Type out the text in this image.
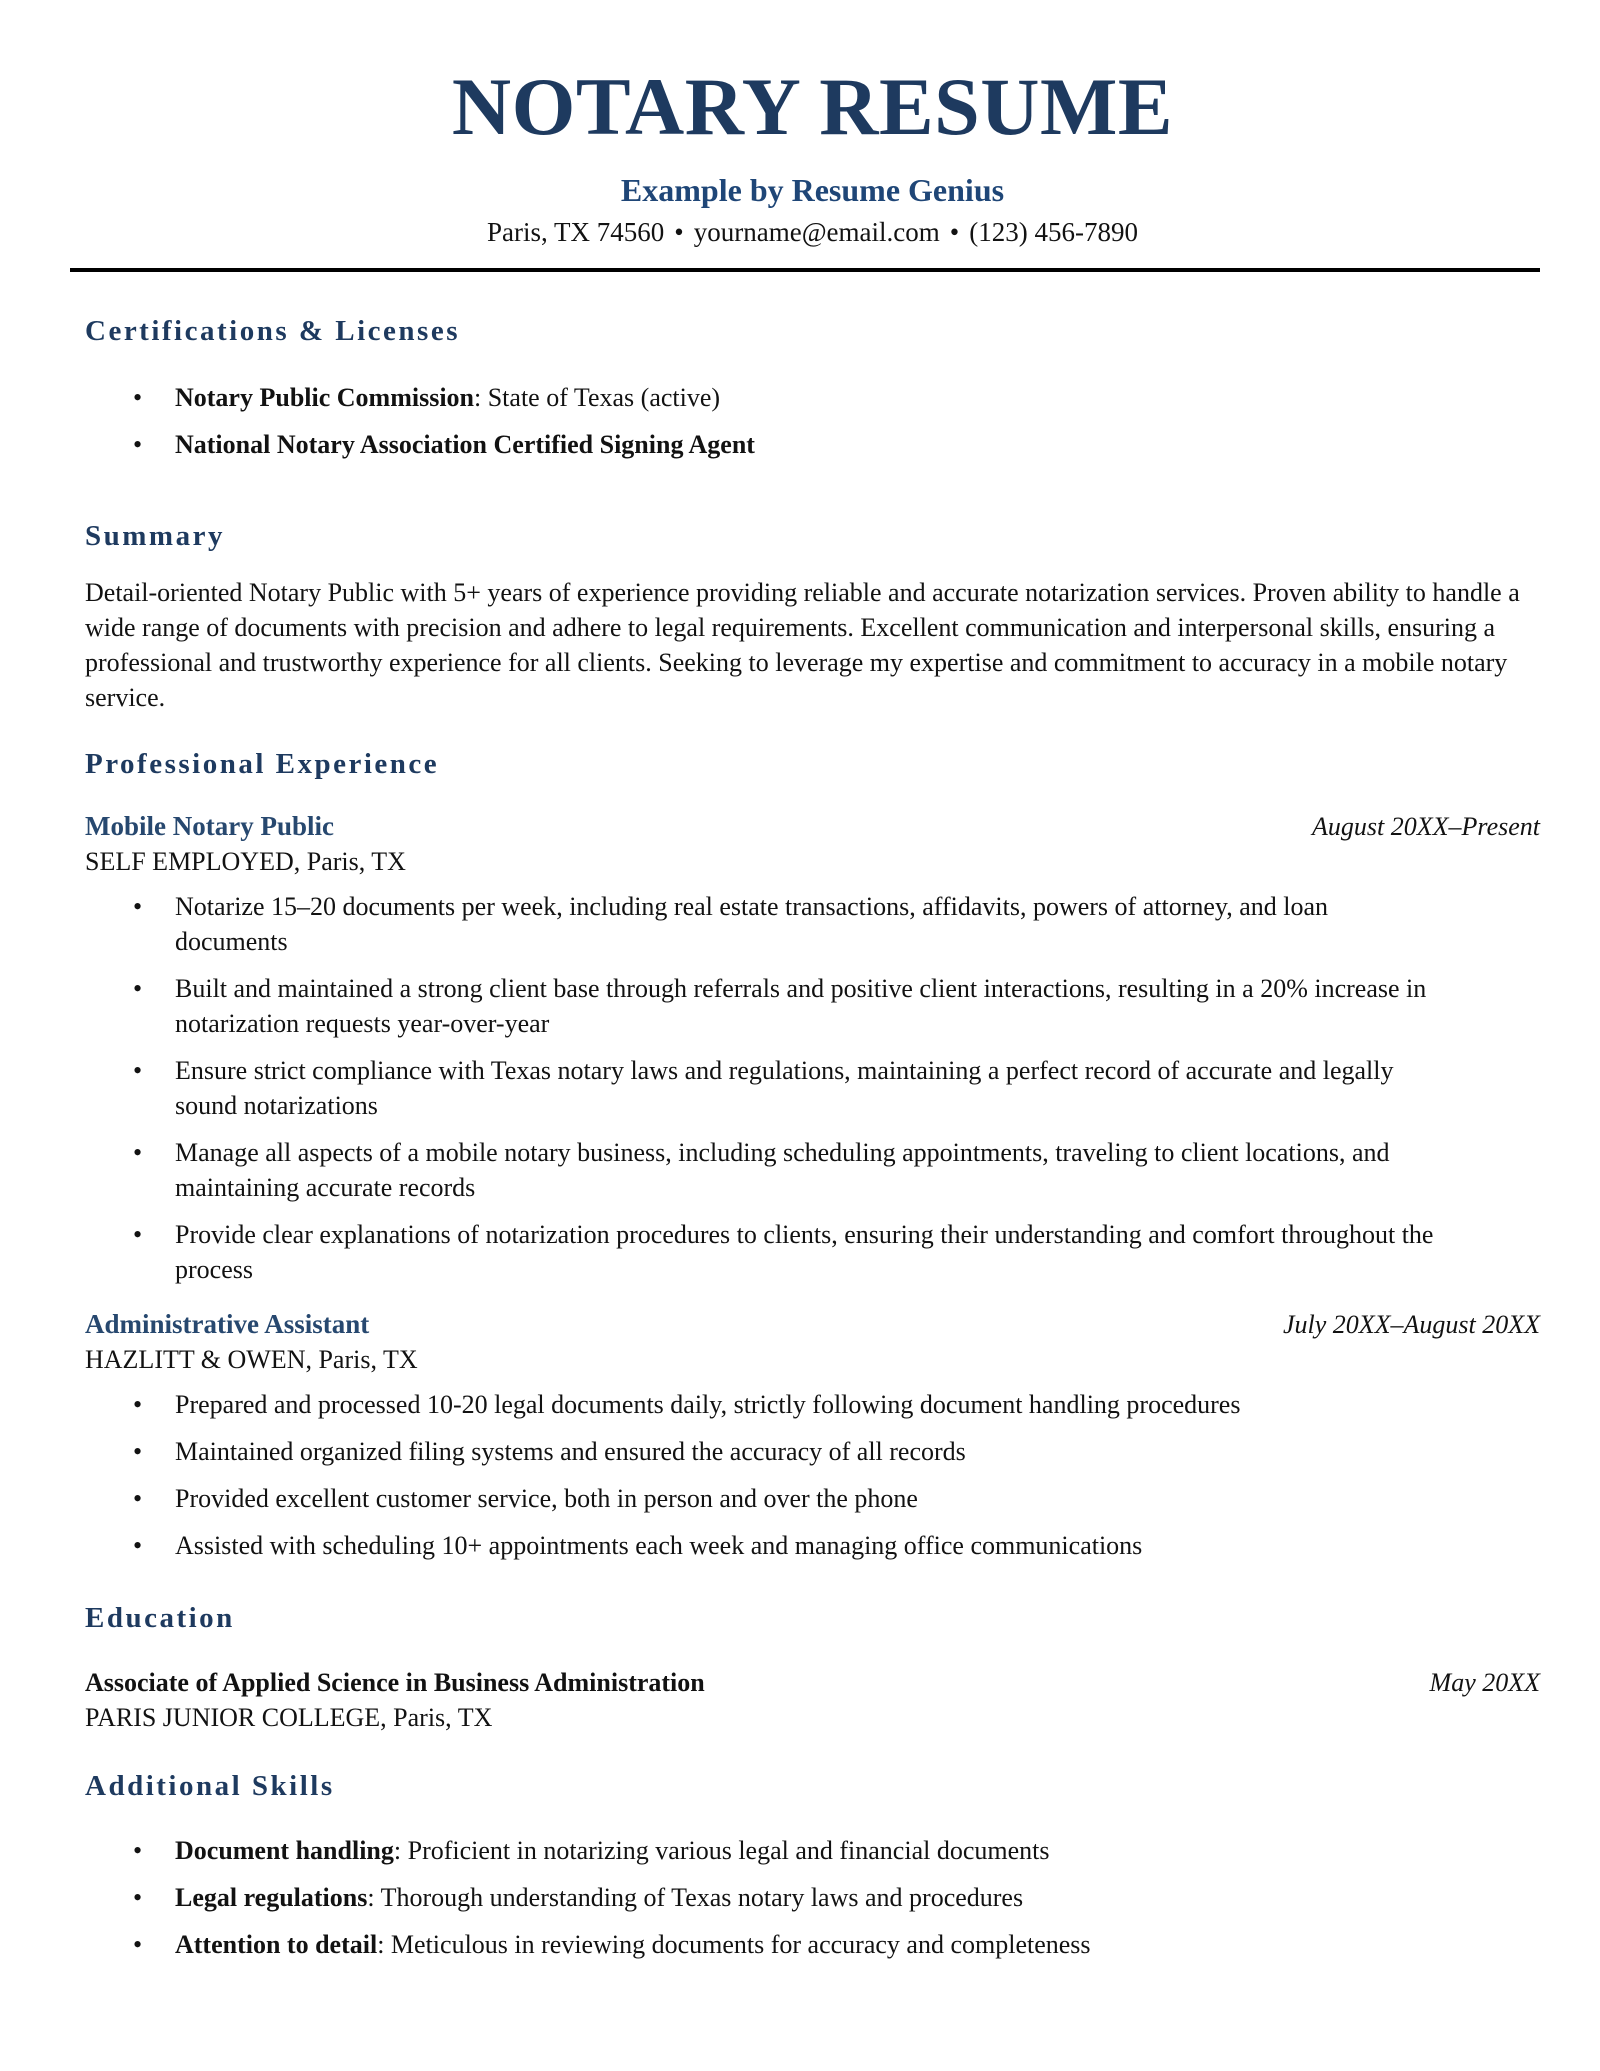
NOTARY RESUME
Example by Resume Genius
Paris, TX 74560 • yourname@email.com • (123) 456-7890
Certifications & Licenses
• Notary Public Commission: State of Texas (active)
• National Notary Association Certified Signing Agent
Summary

Detail-oriented Notary Public with 5+ years of experience providing reliable and accurate notarization services. Proven ability to handle a wide range of documents with precision and adhere to legal requirements. Excellent communication and interpersonal skills, ensuring a professional and trustworthy experience for all clients. Seeking to leverage my expertise and commitment to accuracy in a mobile notary service.

Professional Experience
Mobile Notary Public	August 20XX–Present
SELF EMPLOYED, Paris, TX
• Notarize 15–20 documents per week, including real estate transactions, affidavits, powers of attorney, and loan documents
• Built and maintained a strong client base through referrals and positive client interactions, resulting in a 20% increase in notarization requests year-over-year
• Ensure strict compliance with Texas notary laws and regulations, maintaining a perfect record of accurate and legally sound notarizations
• Manage all aspects of a mobile notary business, including scheduling appointments, traveling to client locations, and maintaining accurate records
• Provide clear explanations of notarization procedures to clients, ensuring their understanding and comfort throughout the process
Administrative Assistant	July 20XX–August 20XX
HAZLITT & OWEN, Paris, TX
• Prepared and processed 10-20 legal documents daily, strictly following document handling procedures
• Maintained organized filing systems and ensured the accuracy of all records
• Provided excellent customer service, both in person and over the phone
• Assisted with scheduling 10+ appointments each week and managing office communications
Education
Associate of Applied Science in Business Administration	May 20XX
PARIS JUNIOR COLLEGE, Paris, TX
Additional Skills
• Document handling: Proficient in notarizing various legal and financial documents
• Legal regulations: Thorough understanding of Texas notary laws and procedures
• Attention to detail: Meticulous in reviewing documents for accuracy and completeness
